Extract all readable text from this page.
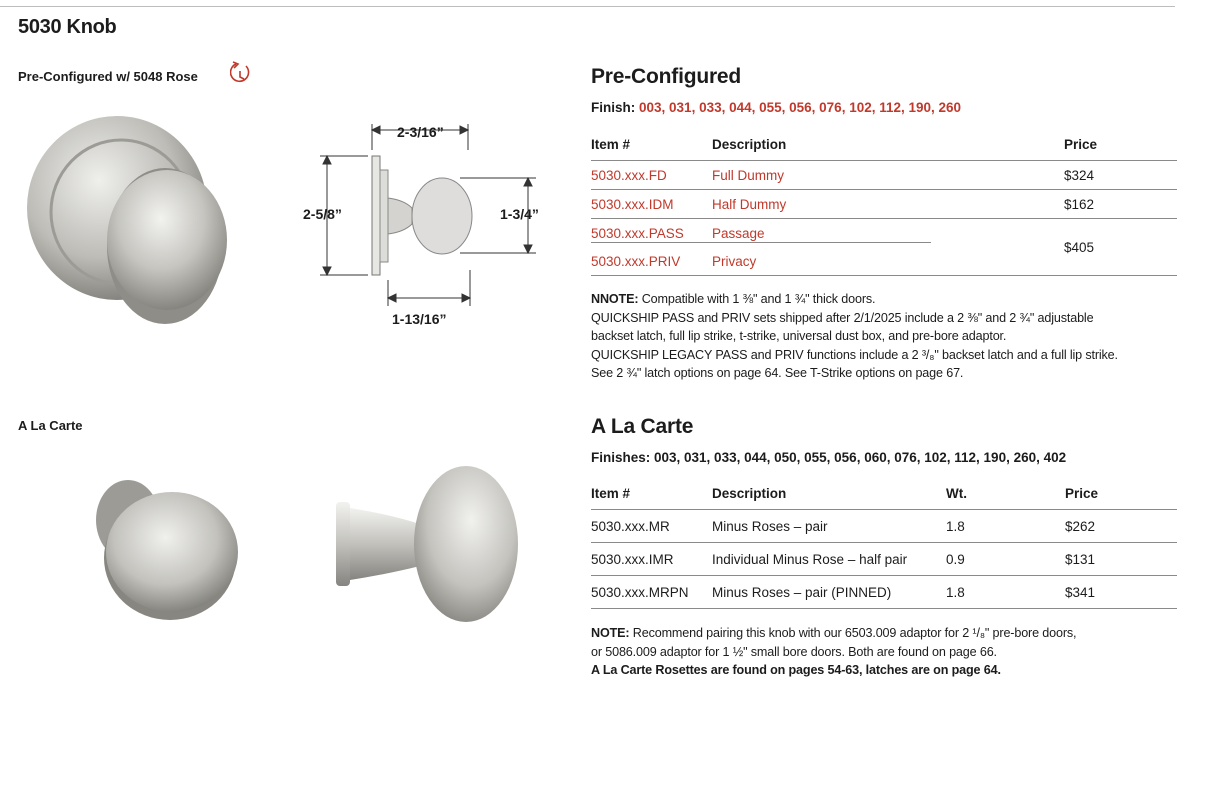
5030 Knob
Pre-Configured w/ 5048 Rose
2-3/16”
2-5/8”	1-3/4”
1-13/16”
A La Carte
Pre-Configured
Finish: 003, 031, 033, 044, 055, 056, 076, 102, 112, 190, 260
Item #	Description	Price
5030.xxx.FD	Full Dummy	$324
5030.xxx.IDM	Half Dummy	$162
5030.xxx.PASS	Passage	$405
5030.xxx.PRIV	Privacy	
NNOTE: Compatible with 1 ⅜" and 1 ¾" thick doors.
QUICKSHIP PASS and PRIV sets shipped after 2/1/2025 include a 2 ⅜" and 2 ¾" adjustable
backset latch, full lip strike, t-strike, universal dust box, and pre-bore adaptor.
QUICKSHIP LEGACY PASS and PRIV functions include a 2 ³/₈" backset latch and a full lip strike.
See 2 ¾" latch options on page 64. See T-Strike options on page 67.
A La Carte
Finishes: 003, 031, 033, 044, 050, 055, 056, 060, 076, 102, 112, 190, 260, 402
Item #	Description	Wt.	Price
5030.xxx.MR	Minus Roses – pair	1.8	$262
5030.xxx.IMR	Individual Minus Rose – half pair	0.9	$131
5030.xxx.MRPN	Minus Roses – pair (PINNED)	1.8	$341
NOTE: Recommend pairing this knob with our 6503.009 adaptor for 2 ¹/₈" pre-bore doors,
or 5086.009 adaptor for 1 ½" small bore doors. Both are found on page 66.
A La Carte Rosettes are found on pages 54-63, latches are on page 64.
